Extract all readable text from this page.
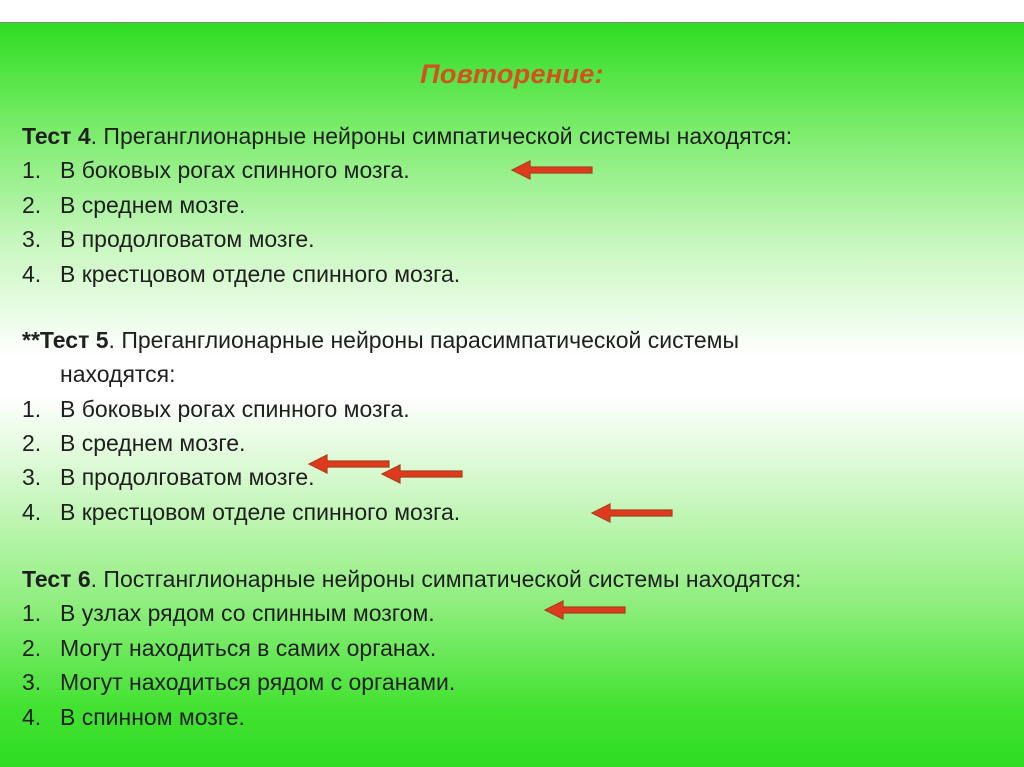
Повторение:
Тест 4. Преганглионарные нейроны симпатической системы находятся:
1. В боковых рогах спинного мозга.
2. В среднем мозге.
3. В продолговатом мозге.
4. В крестцовом отделе спинного мозга.
**Тест 5. Преганглионарные нейроны парасимпатической системы
находятся:
1. В боковых рогах спинного мозга.
2. В среднем мозге.
3. В продолговатом мозге.
4. В крестцовом отделе спинного мозга.
Тест 6. Постганглионарные нейроны симпатической системы находятся:
1. В узлах рядом со спинным мозгом.
2. Могут находиться в самих органах.
3. Могут находиться рядом с органами.
4. В спинном мозге.
